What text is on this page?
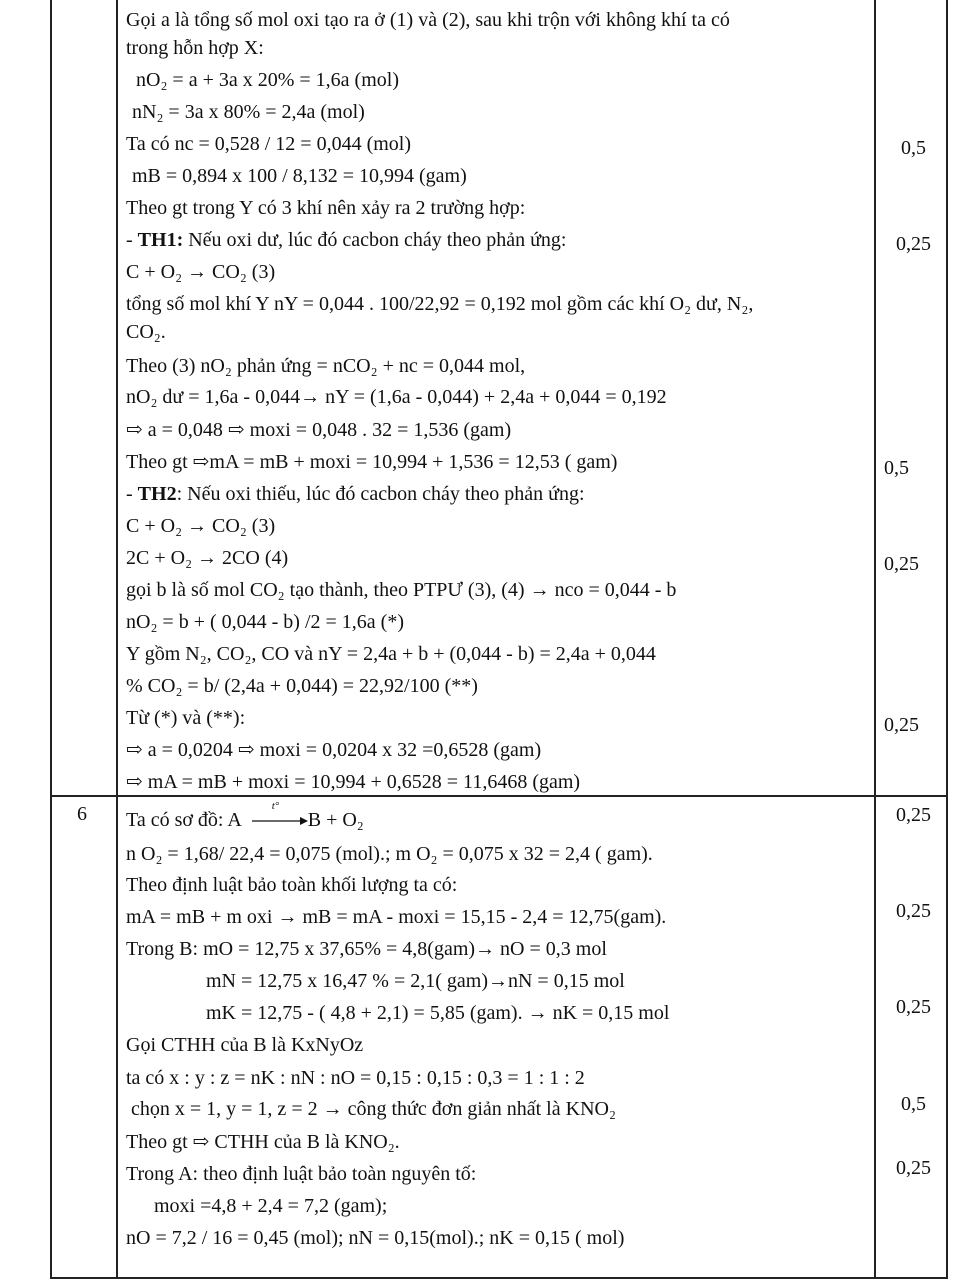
Gọi a là tổng số mol oxi tạo ra ở (1) và (2), sau khi trộn với không khí ta có
trong hỗn hợp X:
nO₂ = a + 3a x 20% = 1,6a (mol)
nN₂ = 3a x 80% = 2,4a (mol)
Ta có nc = 0,528 / 12 = 0,044 (mol)
mB = 0,894 x 100 / 8,132 = 10,994 (gam)
Theo gt trong Y có 3 khí nên xảy ra 2 trường hợp:
- TH1: Nếu oxi dư, lúc đó cacbon cháy theo phản ứng:
C + O₂ → CO₂ (3)
tổng số mol khí Y nY = 0,044 . 100/22,92 = 0,192 mol gồm các khí O₂ dư, N₂,
CO₂.
Theo (3) nO₂ phản ứng = nCO₂ + nc = 0,044 mol,
nO₂ dư = 1,6a - 0,044→ nY = (1,6a - 0,044) + 2,4a + 0,044 = 0,192
⇨ a = 0,048 ⇨ moxi = 0,048 . 32 = 1,536 (gam)
Theo gt ⇨mA = mB + moxi = 10,994 + 1,536 = 12,53 ( gam)
- TH2: Nếu oxi thiếu, lúc đó cacbon cháy theo phản ứng:
C + O₂ → CO₂ (3)
2C + O₂ → 2CO (4)
gọi b là số mol CO₂ tạo thành, theo PTPƯ (3), (4) → nco = 0,044 - b
nO₂ = b + ( 0,044 - b) /2 = 1,6a (*)
Y gồm N₂, CO₂, CO và nY = 2,4a + b + (0,044 - b) = 2,4a + 0,044
% CO₂ = b/ (2,4a + 0,044) = 22,92/100 (**)
Từ (*) và (**):
⇨ a = 0,0204 ⇨ moxi = 0,0204 x 32 =0,6528 (gam)
⇨ mA = mB + moxi = 10,994 + 0,6528 = 11,6468 (gam)
0,5
0,25
0,5
0,25
0,25
6 Ta có sơ đồ: A
t°
B + O₂
n O₂ = 1,68/ 22,4 = 0,075 (mol).; m O₂ = 0,075 x 32 = 2,4 ( gam).
Theo định luật bảo toàn khối lượng ta có:
mA = mB + m oxi → mB = mA - moxi = 15,15 - 2,4 = 12,75(gam).
Trong B: mO = 12,75 x 37,65% = 4,8(gam)→ nO = 0,3 mol
mN = 12,75 x 16,47 % = 2,1( gam)→nN = 0,15 mol
mK = 12,75 - ( 4,8 + 2,1) = 5,85 (gam). → nK = 0,15 mol
Gọi CTHH của B là KxNyOz
ta có x : y : z = nK : nN : nO = 0,15 : 0,15 : 0,3 = 1 : 1 : 2
chọn x = 1, y = 1, z = 2 → công thức đơn giản nhất là KNO₂
Theo gt ⇨ CTHH của B là KNO₂.
Trong A: theo định luật bảo toàn nguyên tố:
moxi =4,8 + 2,4 = 7,2 (gam);
nO = 7,2 / 16 = 0,45 (mol); nN = 0,15(mol).; nK = 0,15 ( mol)
0,25
0,25
0,25
0,5
0,25
